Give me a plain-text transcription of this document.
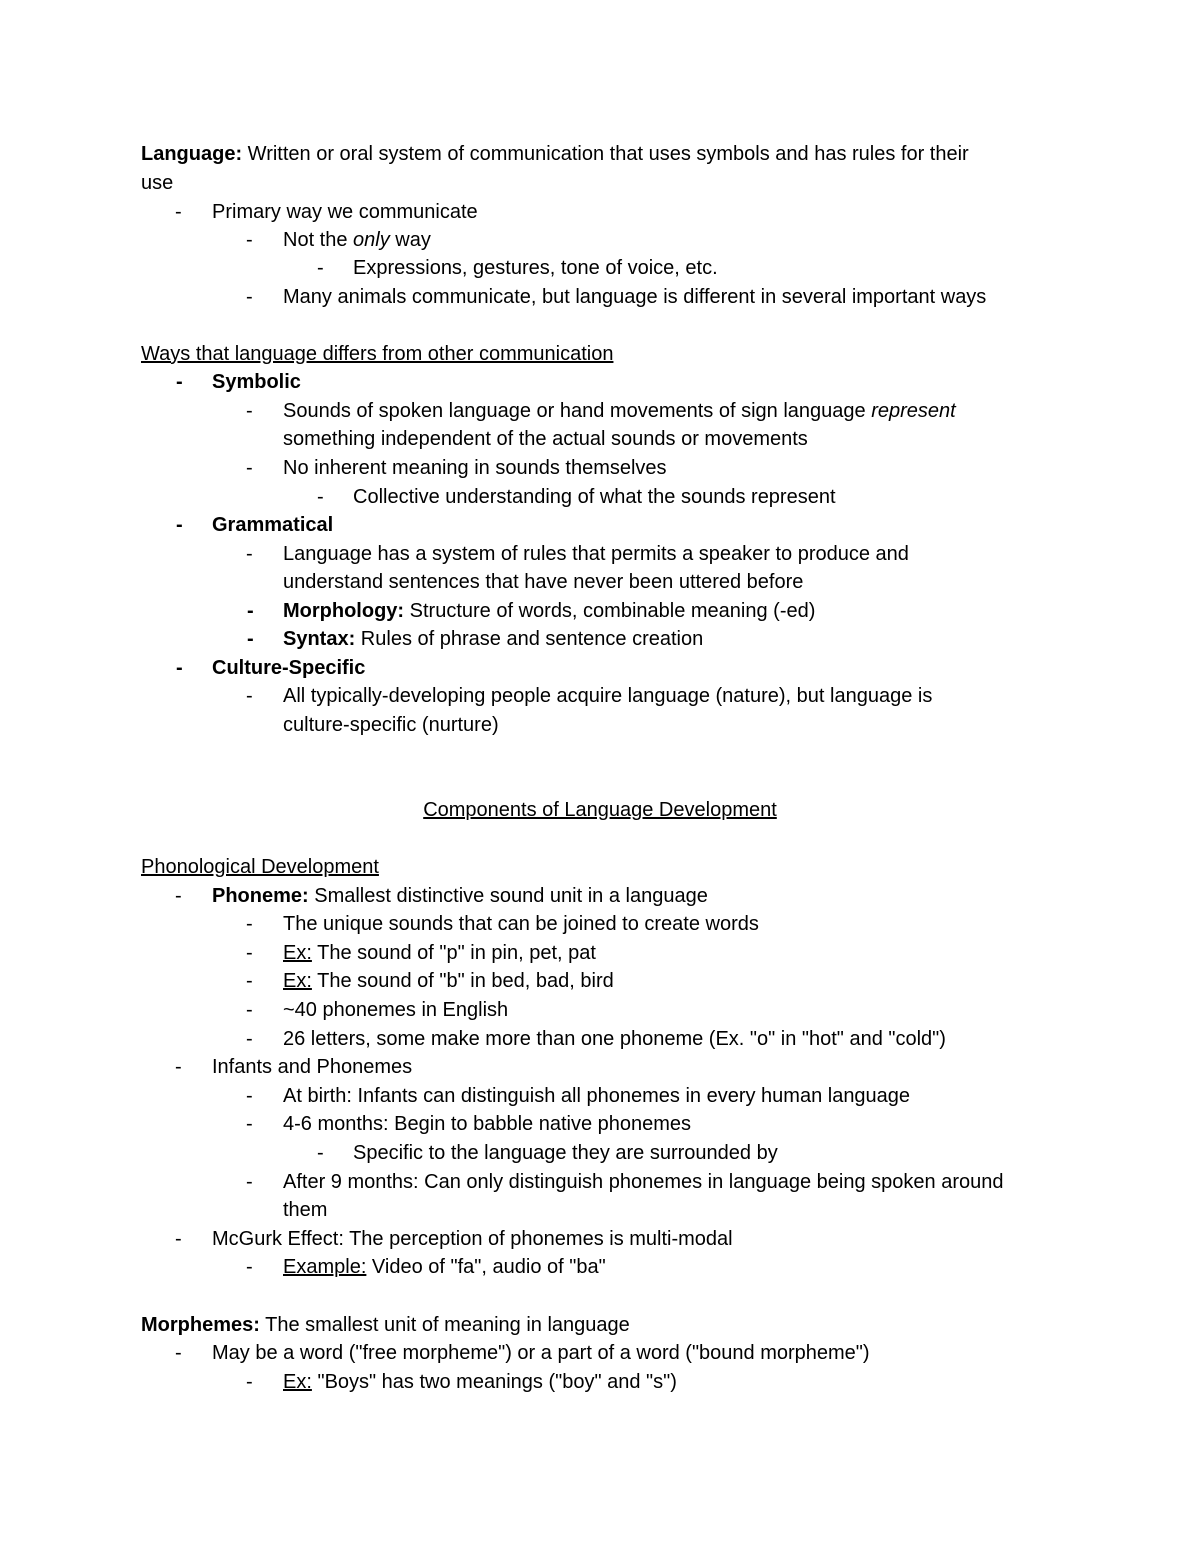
Language: Written or oral system of communication that uses symbols and has rules for their
use
- Primary way we communicate
- Not the only way
- Expressions, gestures, tone of voice, etc.
- Many animals communicate, but language is different in several important ways
Ways that language differs from other communication
- Symbolic
- Sounds of spoken language or hand movements of sign language represent
something independent of the actual sounds or movements
- No inherent meaning in sounds themselves
- Collective understanding of what the sounds represent
- Grammatical
- Language has a system of rules that permits a speaker to produce and
understand sentences that have never been uttered before
- Morphology: Structure of words, combinable meaning (-ed)
- Syntax: Rules of phrase and sentence creation
- Culture-Specific
- All typically-developing people acquire language (nature), but language is
culture-specific (nurture)
Components of Language Development
Phonological Development
- Phoneme: Smallest distinctive sound unit in a language
- The unique sounds that can be joined to create words
- Ex: The sound of "p" in pin, pet, pat
- Ex: The sound of "b" in bed, bad, bird
- ~40 phonemes in English
- 26 letters, some make more than one phoneme (Ex. "o" in "hot" and "cold")
- Infants and Phonemes
- At birth: Infants can distinguish all phonemes in every human language
- 4-6 months: Begin to babble native phonemes
- Specific to the language they are surrounded by
- After 9 months: Can only distinguish phonemes in language being spoken around
them
- McGurk Effect: The perception of phonemes is multi-modal
- Example: Video of "fa", audio of "ba"
Morphemes: The smallest unit of meaning in language
- May be a word ("free morpheme") or a part of a word ("bound morpheme")
- Ex: "Boys" has two meanings ("boy" and "s")
